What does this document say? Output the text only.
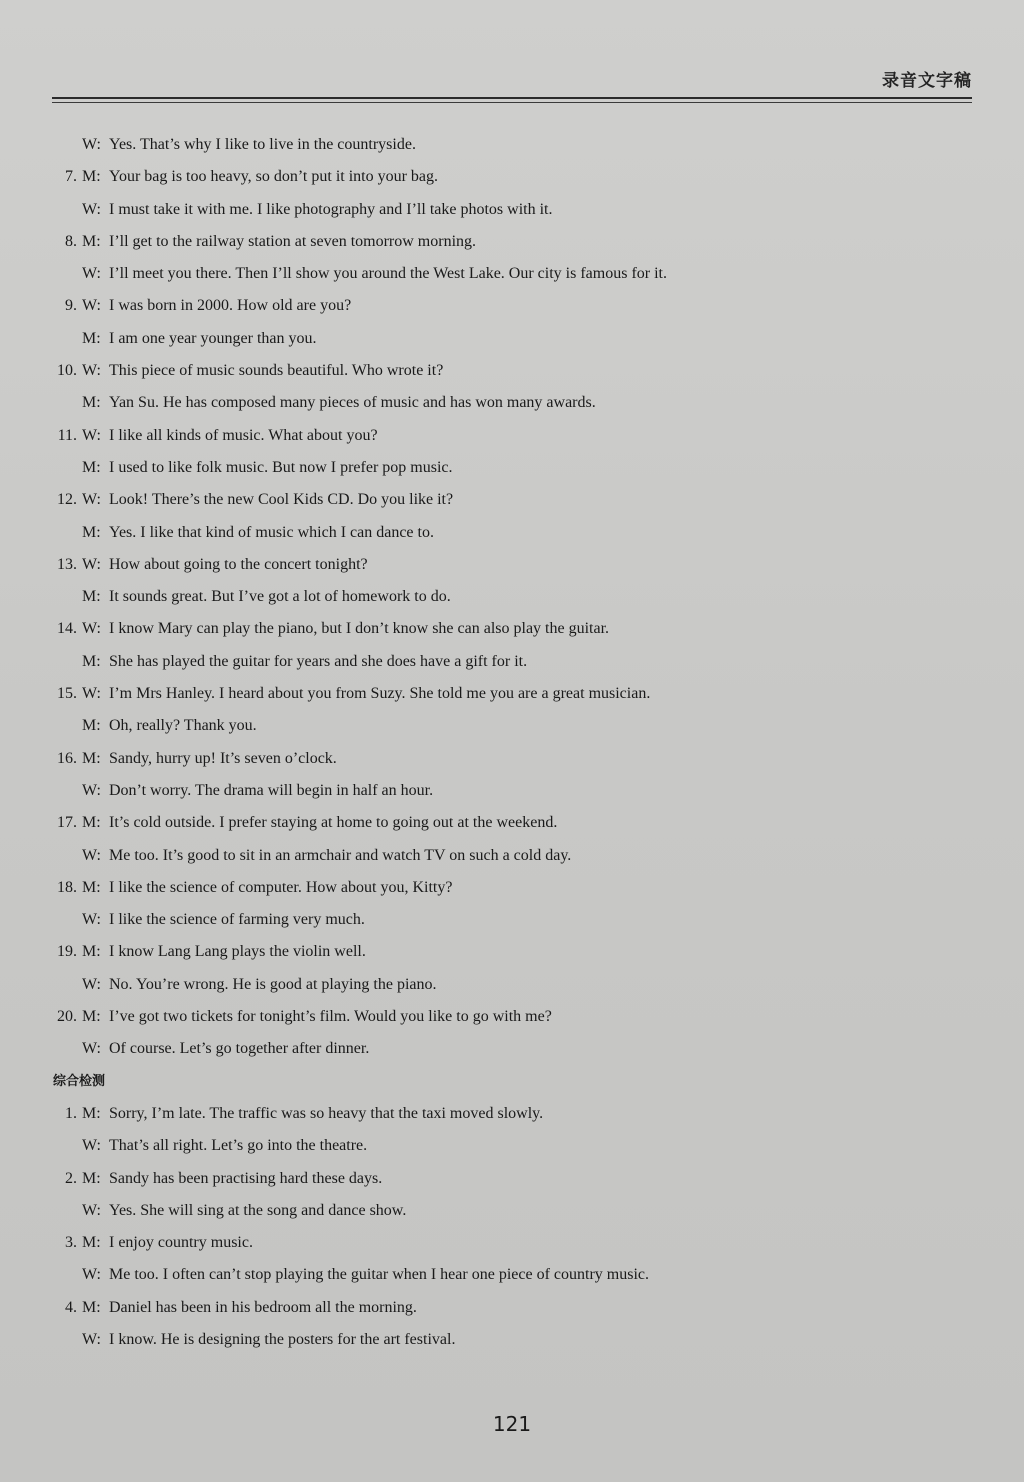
录音文字稿
W: Yes. That’s why I like to live in the countryside.
7. M: Your bag is too heavy, so don’t put it into your bag.
W: I must take it with me. I like photography and I’ll take photos with it.
8. M: I’ll get to the railway station at seven tomorrow morning.
W: I’ll meet you there. Then I’ll show you around the West Lake. Our city is famous for it.
9. W: I was born in 2000. How old are you?
M: I am one year younger than you.
10. W: This piece of music sounds beautiful. Who wrote it?
M: Yan Su. He has composed many pieces of music and has won many awards.
11. W: I like all kinds of music. What about you?
M: I used to like folk music. But now I prefer pop music.
12. W: Look! There’s the new Cool Kids CD. Do you like it?
M: Yes. I like that kind of music which I can dance to.
13. W: How about going to the concert tonight?
M: It sounds great. But I’ve got a lot of homework to do.
14. W: I know Mary can play the piano, but I don’t know she can also play the guitar.
M: She has played the guitar for years and she does have a gift for it.
15. W: I’m Mrs Hanley. I heard about you from Suzy. She told me you are a great musician.
M: Oh, really? Thank you.
16. M: Sandy, hurry up! It’s seven o’clock.
W: Don’t worry. The drama will begin in half an hour.
17. M: It’s cold outside. I prefer staying at home to going out at the weekend.
W: Me too. It’s good to sit in an armchair and watch TV on such a cold day.
18. M: I like the science of computer. How about you, Kitty?
W: I like the science of farming very much.
19. M: I know Lang Lang plays the violin well.
W: No. You’re wrong. He is good at playing the piano.
20. M: I’ve got two tickets for tonight’s film. Would you like to go with me?
W: Of course. Let’s go together after dinner.
综合检测
1. M: Sorry, I’m late. The traffic was so heavy that the taxi moved slowly.
W: That’s all right. Let’s go into the theatre.
2. M: Sandy has been practising hard these days.
W: Yes. She will sing at the song and dance show.
3. M: I enjoy country music.
W: Me too. I often can’t stop playing the guitar when I hear one piece of country music.
4. M: Daniel has been in his bedroom all the morning.
W: I know. He is designing the posters for the art festival.
121
